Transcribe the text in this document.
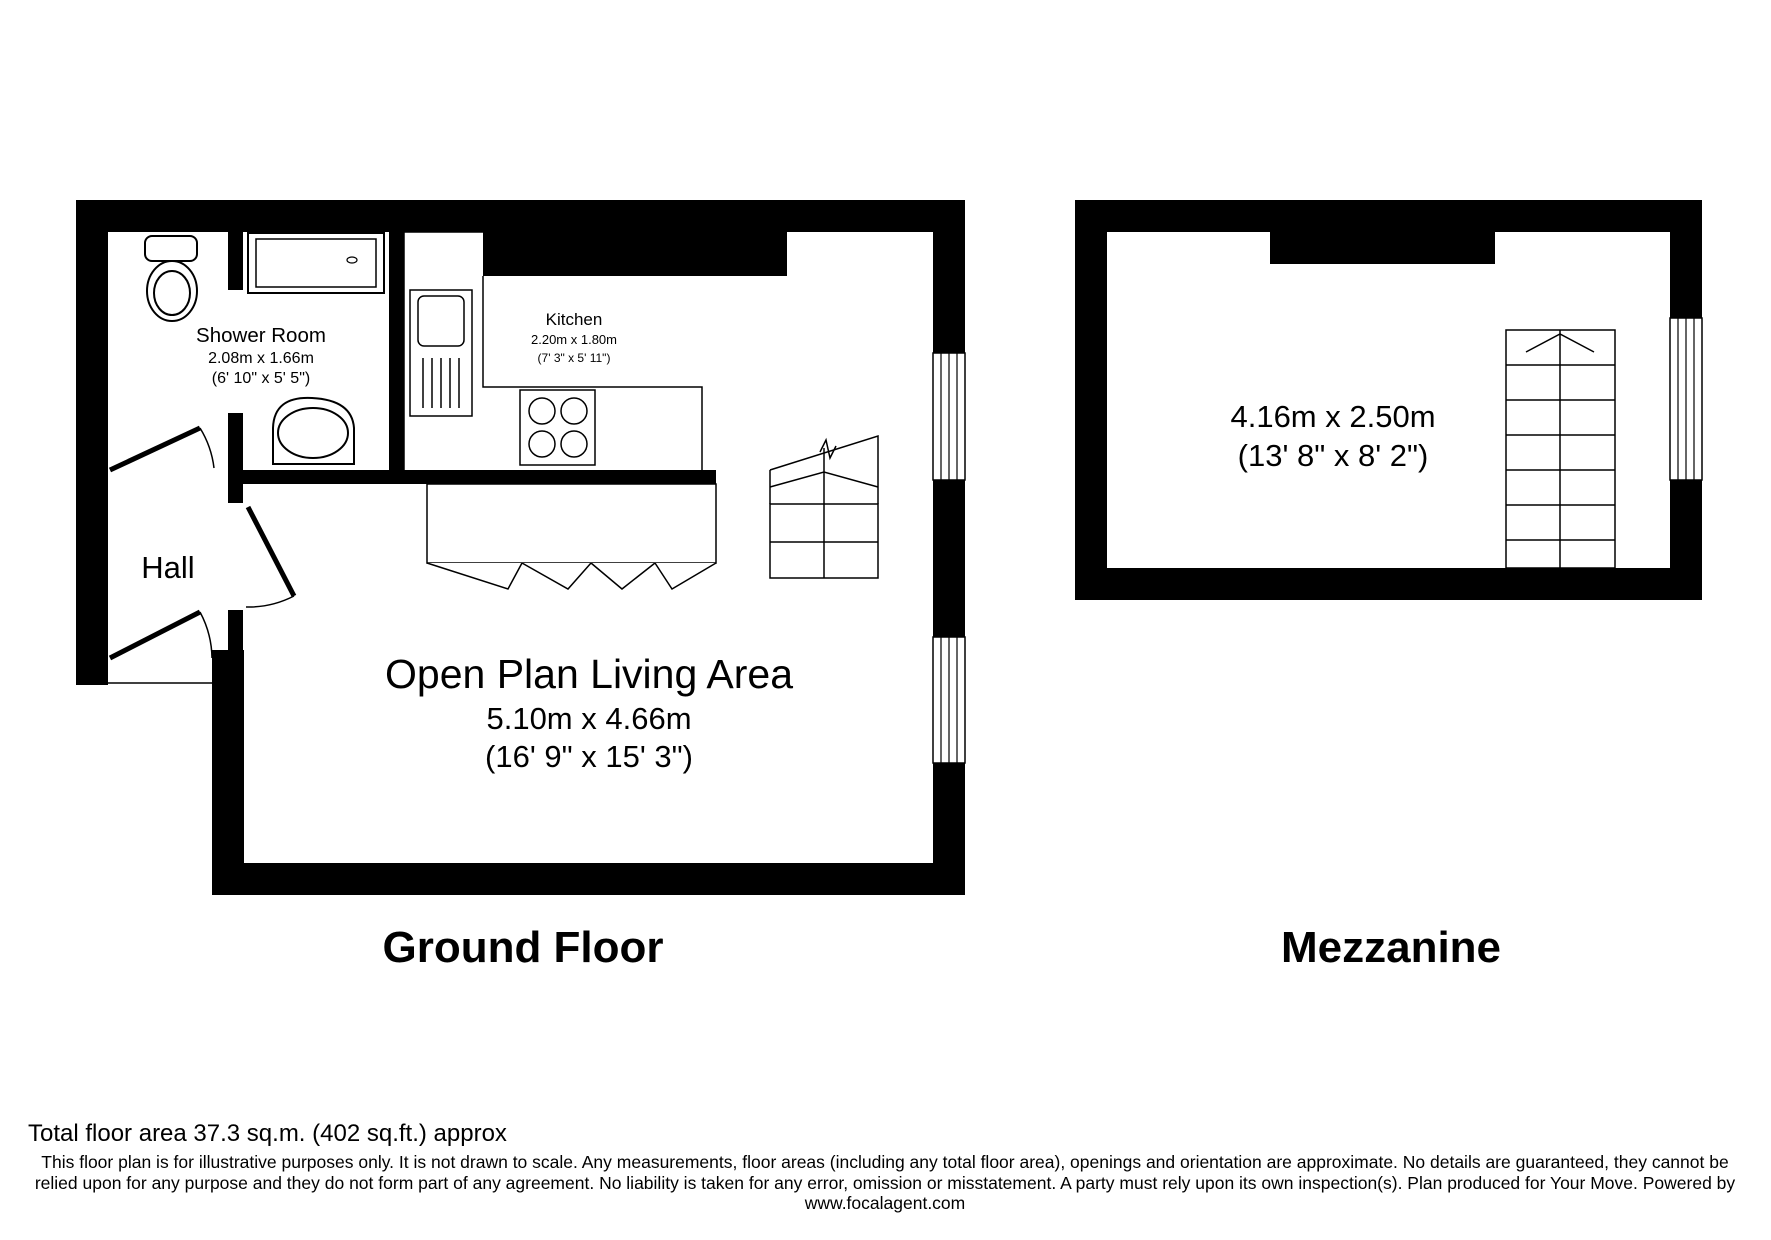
Shower Room
2.08m x 1.66m
(6' 10" x 5' 5")
Kitchen
2.20m x 1.80m
(7' 3" x 5' 11")
Hall
Open Plan Living Area
5.10m x 4.66m
(16' 9" x 15' 3")
Ground Floor
4.16m x 2.50m
(13' 8" x 8' 2")
Mezzanine
Total floor area 37.3 sq.m. (402 sq.ft.) approx
This floor plan is for illustrative purposes only. It is not drawn to scale. Any measurements, floor areas (including any total floor area), openings and orientation are approximate. No details are guaranteed, they cannot be relied upon for any purpose and they do not form part of any agreement. No liability is taken for any error, omission or misstatement. A party must rely upon its own inspection(s). Plan produced for Your Move. Powered by www.focalagent.com
